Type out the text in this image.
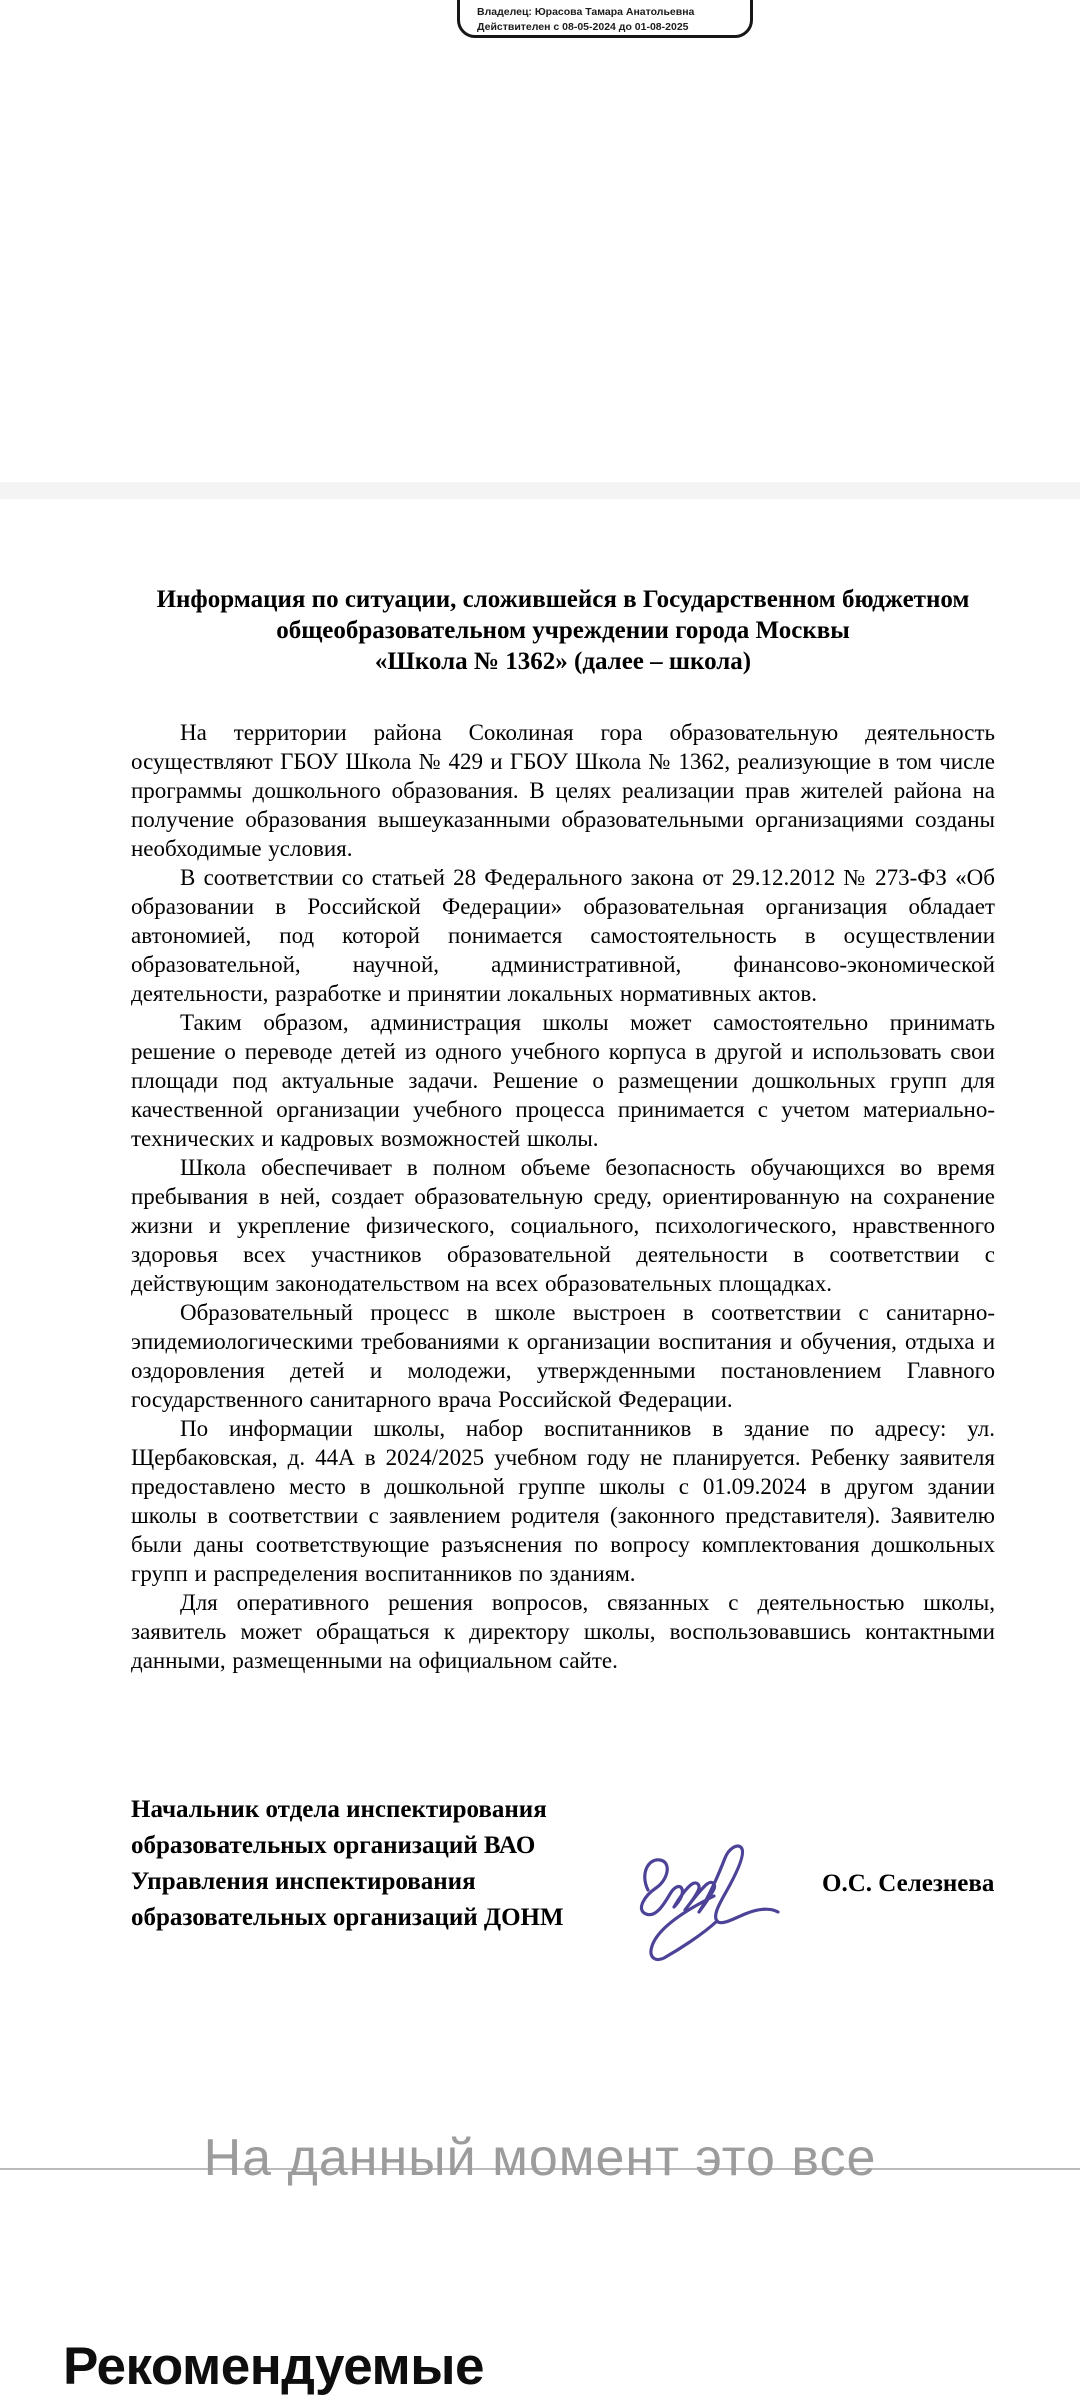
Владелец: Юрасова Тамара Анатольевна
Действителен с 08-05-2024 до 01-08-2025
Информация по ситуации, сложившейся в Государственном бюджетном
общеобразовательном учреждении города Москвы
«Школа № 1362» (далее – школа)

На территории района Соколиная гора образовательную деятельность осуществляют ГБОУ Школа № 429 и ГБОУ Школа № 1362, реализующие в том числе программы дошкольного образования. В целях реализации прав жителей района на получение образования вышеуказанными образовательными организациями созданы необходимые условия.

В соответствии со статьей 28 Федерального закона от 29.12.2012 № 273-ФЗ «Об образовании в Российской Федерации» образовательная организация обладает автономией, под которой понимается самостоятельность в осуществлении образовательной, научной, административной, финансово-экономической деятельности, разработке и принятии локальных нормативных актов.

Таким образом, администрация школы может самостоятельно принимать решение о переводе детей из одного учебного корпуса в другой и использовать свои площади под актуальные задачи. Решение о размещении дошкольных групп для качественной организации учебного процесса принимается с учетом материально-технических и кадровых возможностей школы.

Школа обеспечивает в полном объеме безопасность обучающихся во время пребывания в ней, создает образовательную среду, ориентированную на сохранение жизни и укрепление физического, социального, психологического, нравственного здоровья всех участников образовательной деятельности в соответствии с действующим законодательством на всех образовательных площадках.

Образовательный процесс в школе выстроен в соответствии с санитарно-эпидемиологическими требованиями к организации воспитания и обучения, отдыха и оздоровления детей и молодежи, утвержденными постановлением Главного государственного санитарного врача Российской Федерации.

По информации школы, набор воспитанников в здание по адресу: ул. Щербаковская, д. 44А в 2024/2025 учебном году не планируется. Ребенку заявителя предоставлено место в дошкольной группе школы с 01.09.2024 в другом здании школы в соответствии с заявлением родителя (законного представителя). Заявителю были даны соответствующие разъяснения по вопросу комплектования дошкольных групп и распределения воспитанников по зданиям.

Для оперативного решения вопросов, связанных с деятельностью школы, заявитель может обращаться к директору школы, воспользовавшись контактными данными, размещенными на официальном сайте.

Начальник отдела инспектирования
образовательных организаций ВАО
Управления инспектирования
образовательных организаций ДОНМ
О.С. Селезнева
На данный момент это все
Рекомендуемые
